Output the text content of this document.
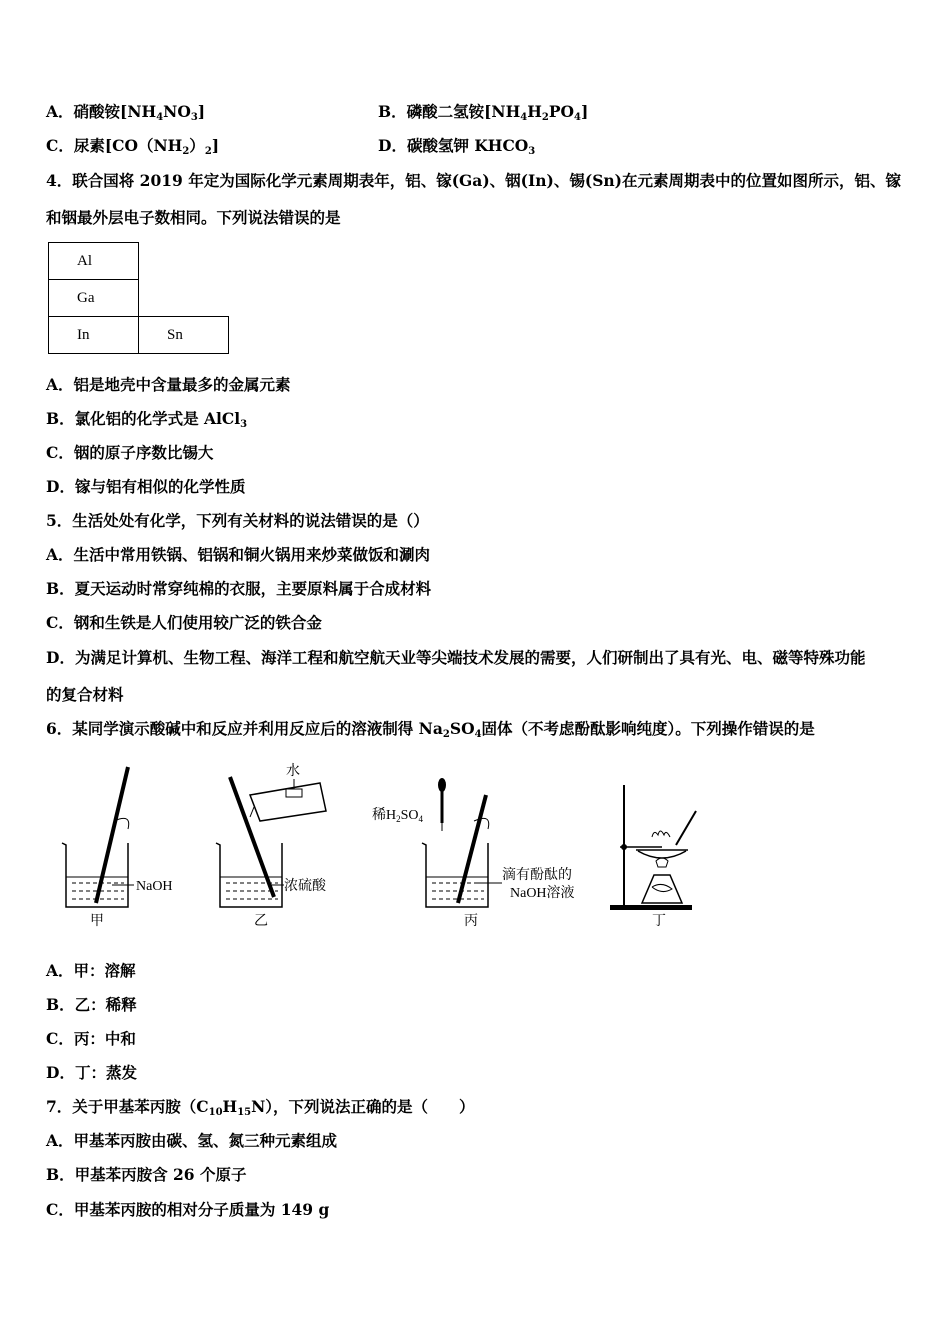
A．硝酸铵$[NH_4NO_3]$	B．磷酸二氢铵$[NH_4H_2PO_4]$
C．尿素$[CO(NH_2)_2]$	D．碳酸氢钾 $KHCO_3$
4．联合国将 2019 年定为国际化学元素周期表年，铝、镓(Ga)、铟(In)、锡(Sn)在元素周期表中的位置如图所示，铝、镓
和铟最外层电子数相同。下列说法错误的是
Al
Ga
In	Sn
A．铝是地壳中含量最多的金属元素
B．氯化铝的化学式是 AlCl$_3$
C．铟的原子序数比锡大
D．镓与铝有相似的化学性质
5．生活处处有化学，下列有关材料的说法错误的是（）
A．生活中常用铁锅、铝锅和铜火锅用来炒菜做饭和涮肉
B．夏天运动时常穿纯棉的衣服，主要原料属于合成材料
C．钢和生铁是人们使用较广泛的铁合金
D．为满足计算机、生物工程、海洋工程和航空航天业等尖端技术发展的需要，人们研制出了具有光、电、磁等特殊功能
的复合材料
6．某同学演示酸碱中和反应并利用反应后的溶液制得 $Na_2SO_4$固体（不考虑酚酞影响纯度）。下列操作错误的是
NaOH
甲
水
浓硫酸
乙
稀$H_2SO_4$
滴有酚酞的
NaOH溶液
丙	丁
A．甲：溶解
B．乙：稀释
C．丙：中和
D．丁：蒸发
7．关于甲基苯丙胺$(C_{10}H_{15}N)$，下列说法正确的是（　　）
A．甲基苯丙胺由碳、氢、氮三种元素组成
B．甲基苯丙胺含 26 个原子
C．甲基苯丙胺的相对分子质量为 149 g
